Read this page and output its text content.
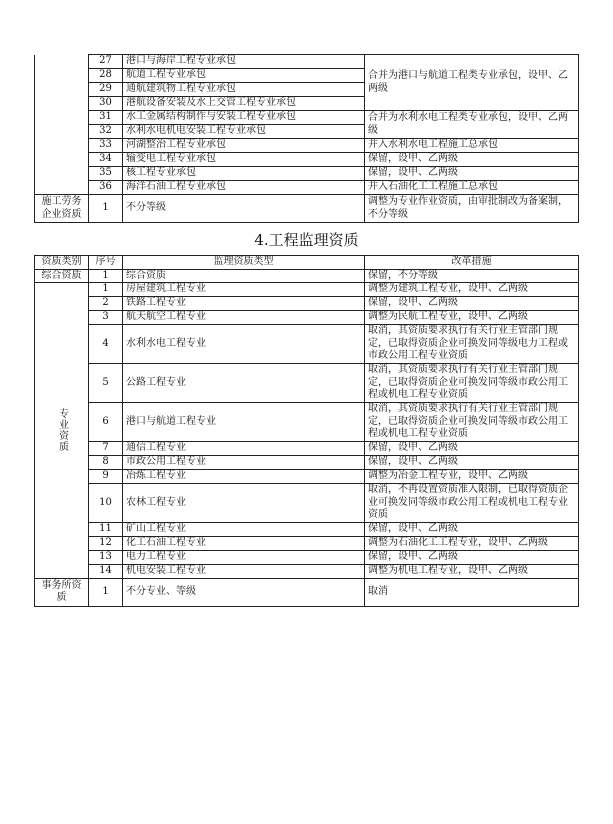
	27	港口与海岸工程专业承包	合并为港口与航道工程类专业承包，设甲、乙两级
	28	航道工程专业承包	
	29	通航建筑物工程专业承包	
	30	港航设备安装及水上交管工程专业承包	
	31	水工金属结构制作与安装工程专业承包	合并为水利水电工程类专业承包，设甲、乙两级
	32	水利水电机电安装工程专业承包	
	33	河湖整治工程专业承包	并入水利水电工程施工总承包
	34	输变电工程专业承包	保留，设甲、乙两级
	35	核工程专业承包	保留，设甲、乙两级
	36	海洋石油工程专业承包	并入石油化工工程施工总承包
施工劳务企业资质	1	不分等级	调整为专业作业资质，由审批制改为备案制，不分等级
4.工程监理资质
资质类别	序号	监理资质类型	改革措施
综合资质	1	综合资质	保留，不分等级

专业资质	1	房屋建筑工程专业	调整为建筑工程专业，设甲、乙两级
	2	铁路工程专业	保留，设甲、乙两级
	3	航天航空工程专业	调整为民航工程专业，设甲、乙两级
	4	水利水电工程专业	取消，其资质要求执行有关行业主管部门规定，已取得资质企业可换发同等级电力工程或市政公用工程专业资质
	5	公路工程专业	取消，其资质要求执行有关行业主管部门规定，已取得资质企业可换发同等级市政公用工程或机电工程专业资质
	6	港口与航道工程专业	取消，其资质要求执行有关行业主管部门规定，已取得资质企业可换发同等级市政公用工程或机电工程专业资质
	7	通信工程专业	保留，设甲、乙两级
	8	市政公用工程专业	保留，设甲、乙两级
	9	冶炼工程专业	调整为冶金工程专业，设甲、乙两级
	10	农林工程专业	取消，不再设置资质准入限制，已取得资质企业可换发同等级市政公用工程或机电工程专业资质
	11	矿山工程专业	保留，设甲、乙两级
	12	化工石油工程专业	调整为石油化工工程专业，设甲、乙两级
	13	电力工程专业	保留，设甲、乙两级
	14	机电安装工程专业	调整为机电工程专业，设甲、乙两级
事务所资质	1	不分专业、等级	取消
